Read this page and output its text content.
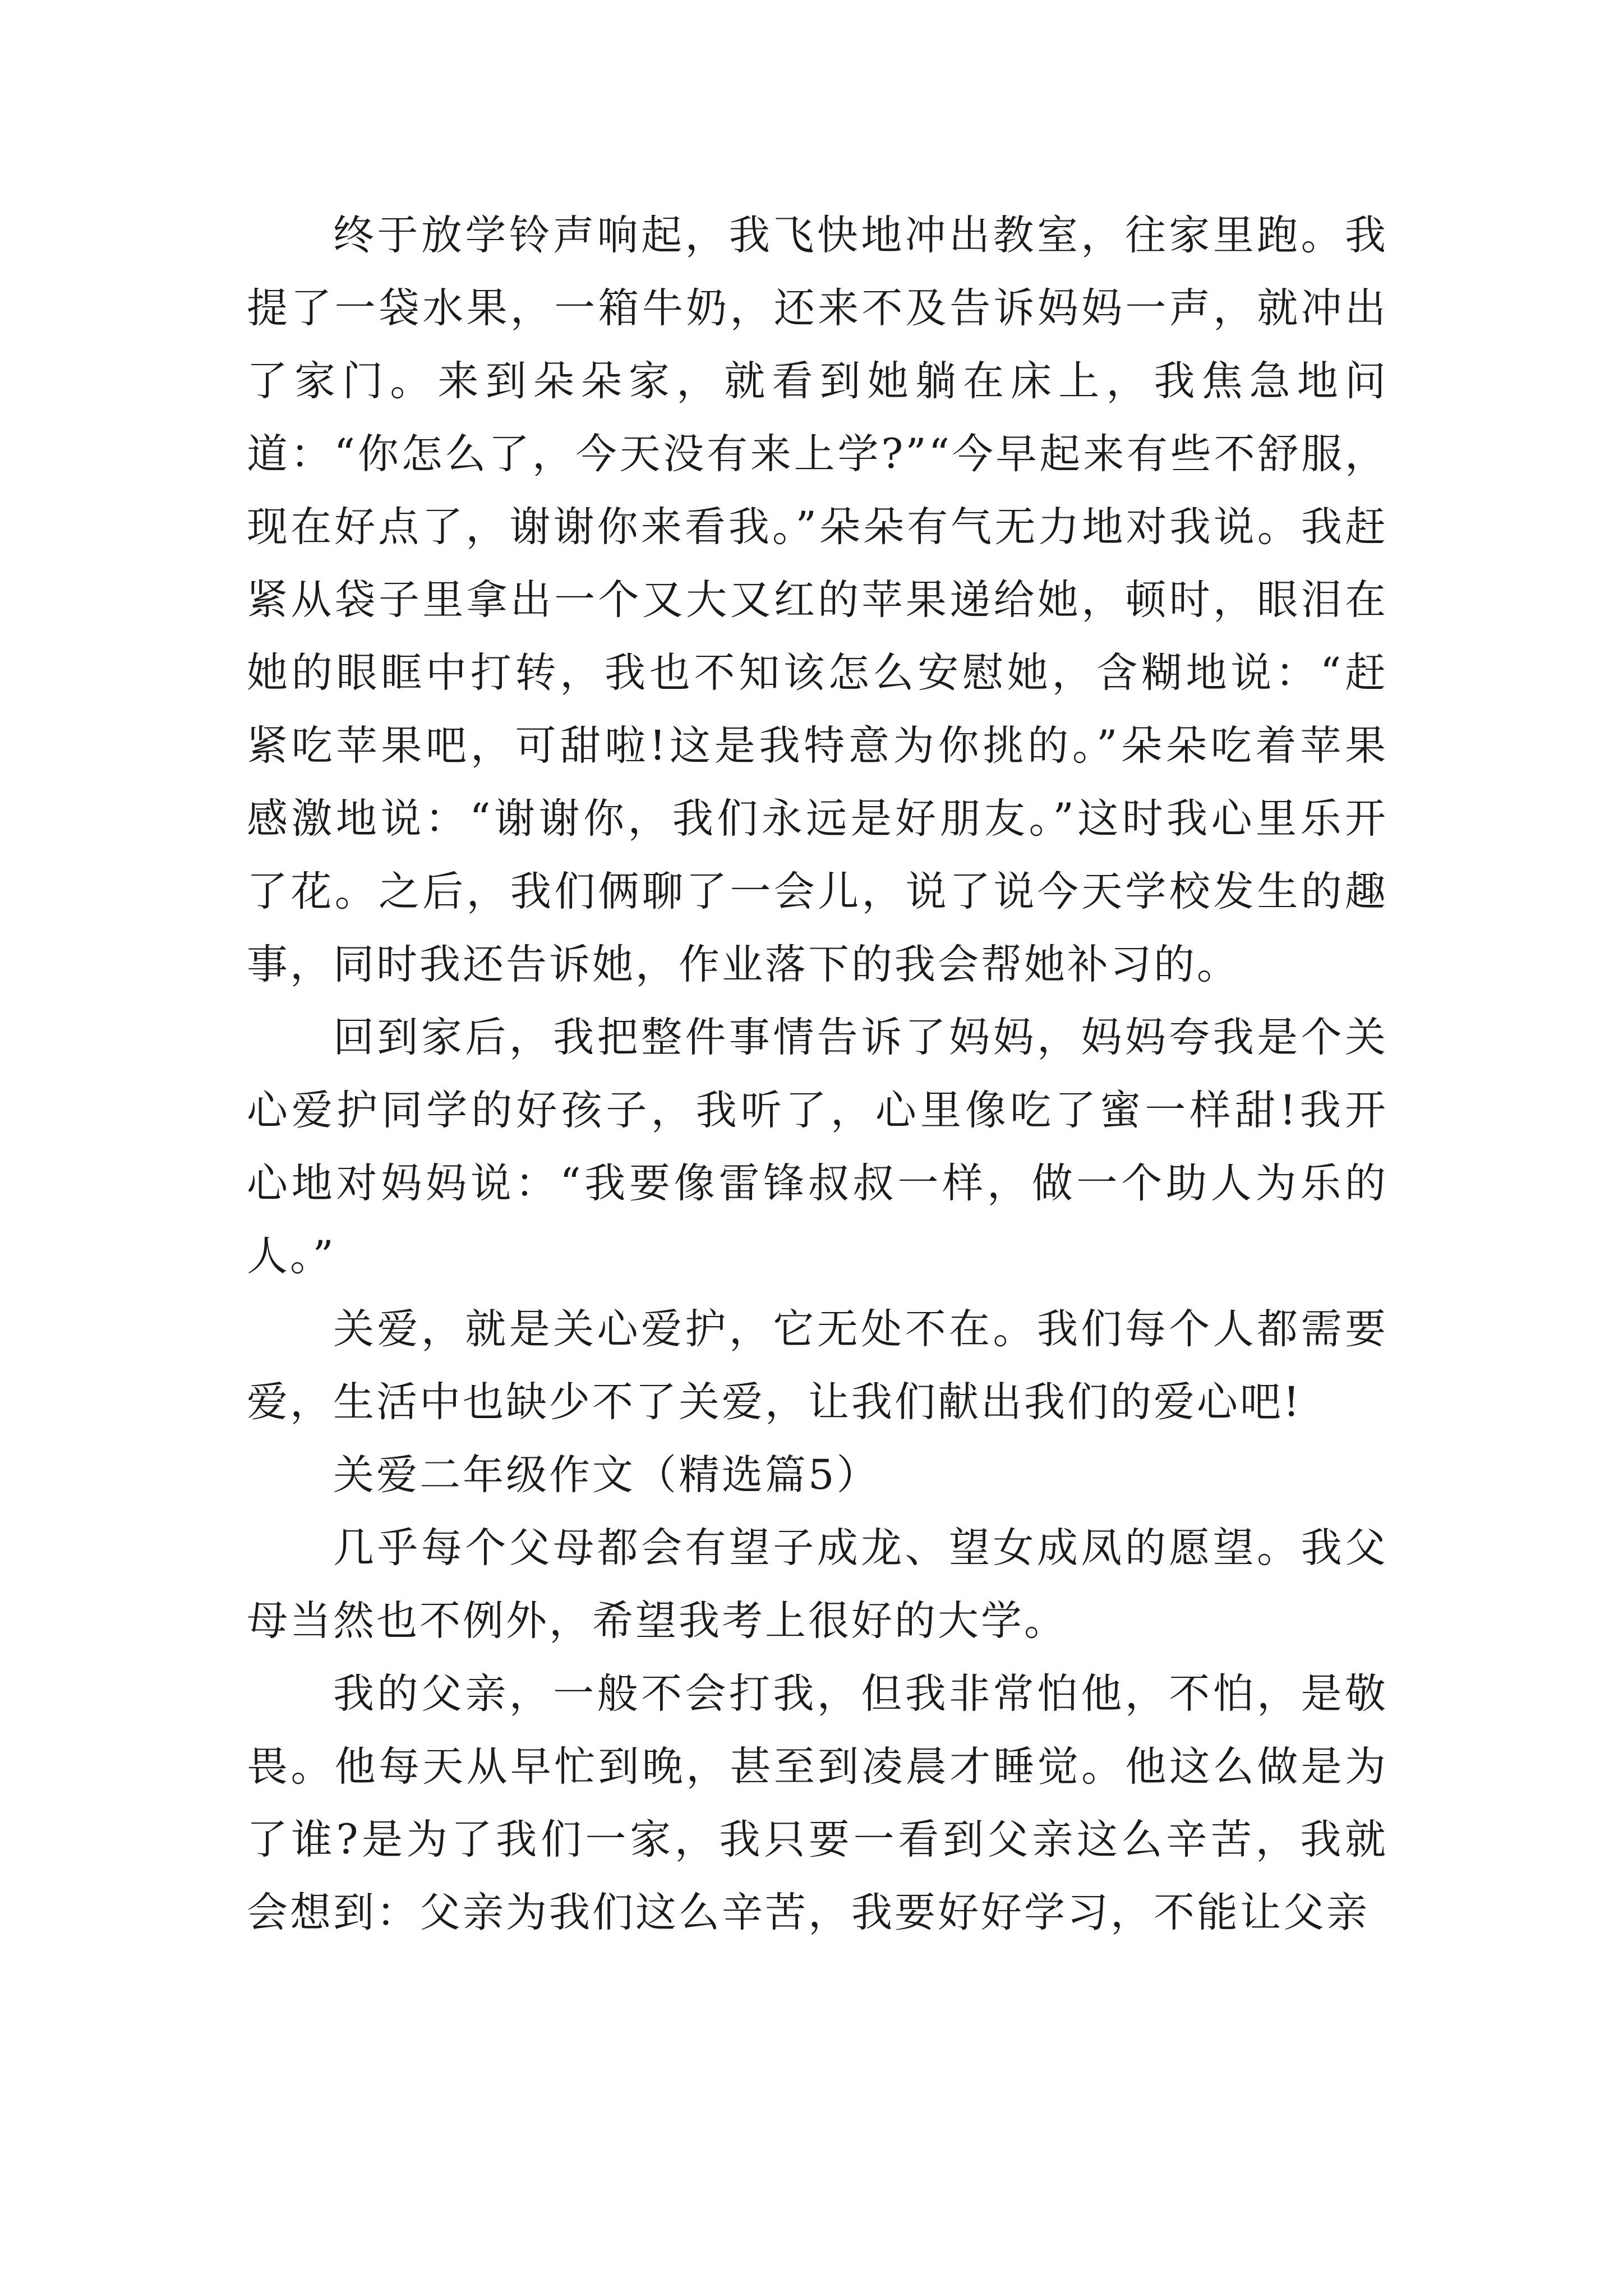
终于放学铃声响起，我飞快地冲出教室，往家里跑。我提了一袋水果，一箱牛奶，还来不及告诉妈妈一声，就冲出了家门。来到朵朵家，就看到她躺在床上，我焦急地问道：“你怎么了，今天没有来上学?”“今早起来有些不舒服，现在好点了，谢谢你来看我。”朵朵有气无力地对我说。我赶紧从袋子里拿出一个又大又红的苹果递给她，顿时，眼泪在她的眼眶中打转，我也不知该怎么安慰她，含糊地说：“赶紧吃苹果吧，可甜啦!这是我特意为你挑的。”朵朵吃着苹果感激地说：“谢谢你，我们永远是好朋友。”这时我心里乐开了花。之后，我们俩聊了一会儿，说了说今天学校发生的趣事，同时我还告诉她，作业落下的我会帮她补习的。

回到家后，我把整件事情告诉了妈妈，妈妈夸我是个关心爱护同学的好孩子，我听了，心里像吃了蜜一样甜!我开心地对妈妈说：“我要像雷锋叔叔一样，做一个助人为乐的人。”

关爱，就是关心爱护，它无处不在。我们每个人都需要爱，生活中也缺少不了关爱，让我们献出我们的爱心吧!

关爱二年级作文（精选篇5）

几乎每个父母都会有望子成龙、望女成凤的愿望。我父母当然也不例外，希望我考上很好的大学。

我的父亲，一般不会打我，但我非常怕他，不怕，是敬畏。他每天从早忙到晚，甚至到凌晨才睡觉。他这么做是为了谁?是为了我们一家，我只要一看到父亲这么辛苦，我就会想到：父亲为我们这么辛苦，我要好好学习，不能让父亲
